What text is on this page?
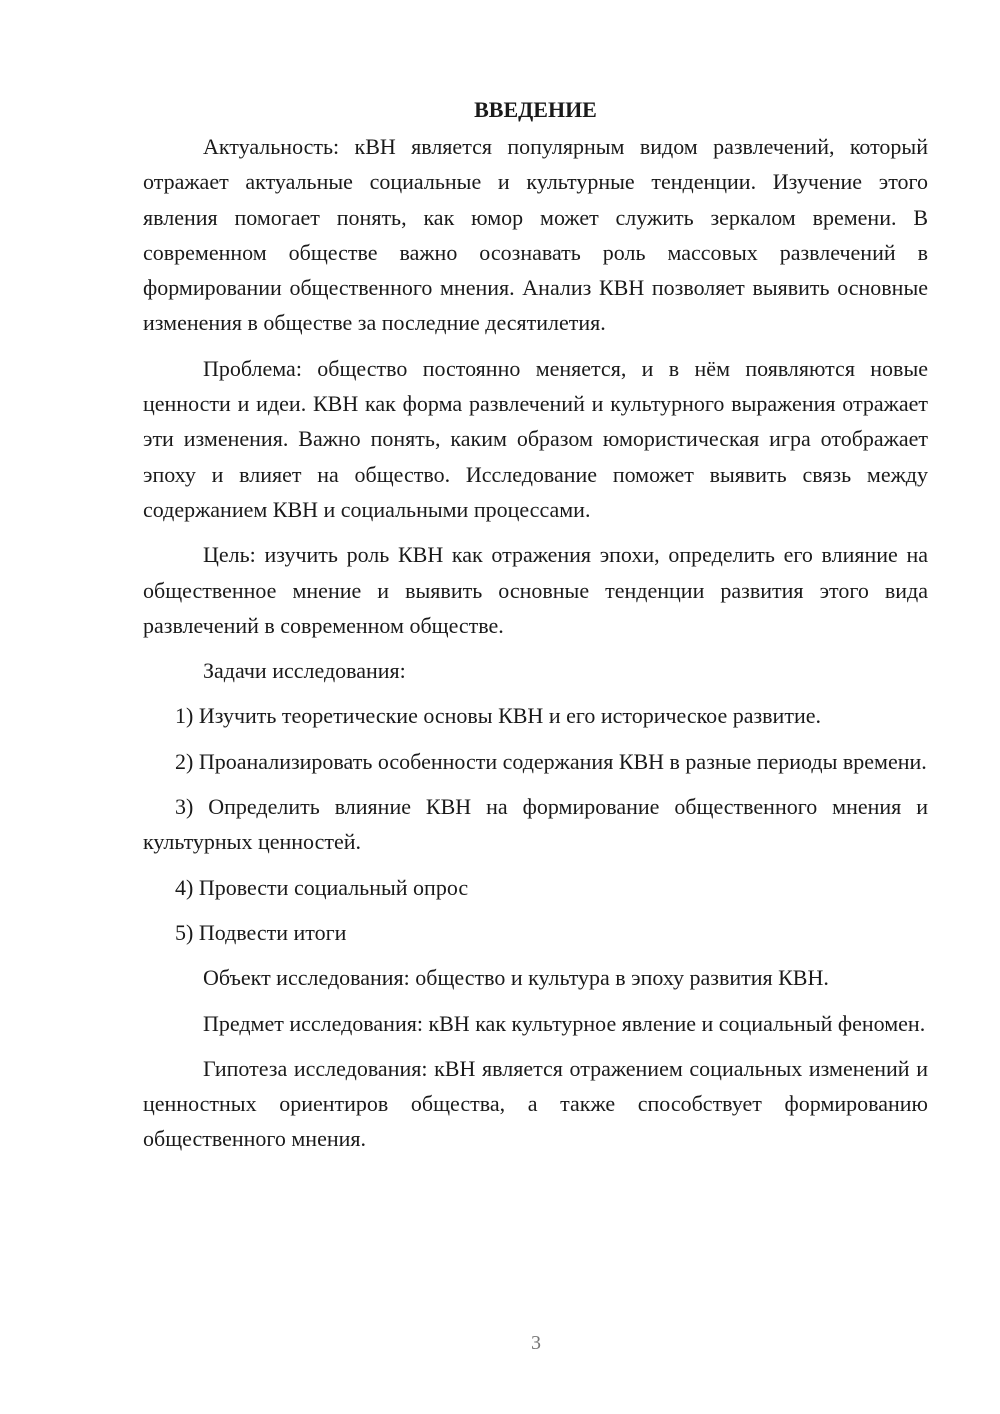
ВВЕДЕНИЕ

Актуальность: кВН является популярным видом развлечений, который отражает актуальные социальные и культурные тенденции. Изучение этого явления помогает понять, как юмор может служить зеркалом времени. В современном обществе важно осознавать роль массовых развлечений в формировании общественного мнения. Анализ КВН позволяет выявить основные изменения в обществе за последние десятилетия.

Проблема: общество постоянно меняется, и в нём появляются новые ценности и идеи. КВН как форма развлечений и культурного выражения отражает эти изменения. Важно понять, каким образом юмористическая игра отображает эпоху и влияет на общество. Исследование поможет выявить связь между содержанием КВН и социальными процессами.

Цель: изучить роль КВН как отражения эпохи, определить его влияние на общественное мнение и выявить основные тенденции развития этого вида развлечений в современном обществе.

Задачи исследования:

1) Изучить теоретические основы КВН и его историческое развитие.

2) Проанализировать особенности содержания КВН в разные периоды времени.

3) Определить влияние КВН на формирование общественного мнения и культурных ценностей.

4) Провести социальный опрос

5) Подвести итоги

Объект исследования: общество и культура в эпоху развития КВН.

Предмет исследования: кВН как культурное явление и социальный феномен.

Гипотеза исследования: кВН является отражением социальных изменений и ценностных ориентиров общества, а также способствует формированию общественного мнения.

3
